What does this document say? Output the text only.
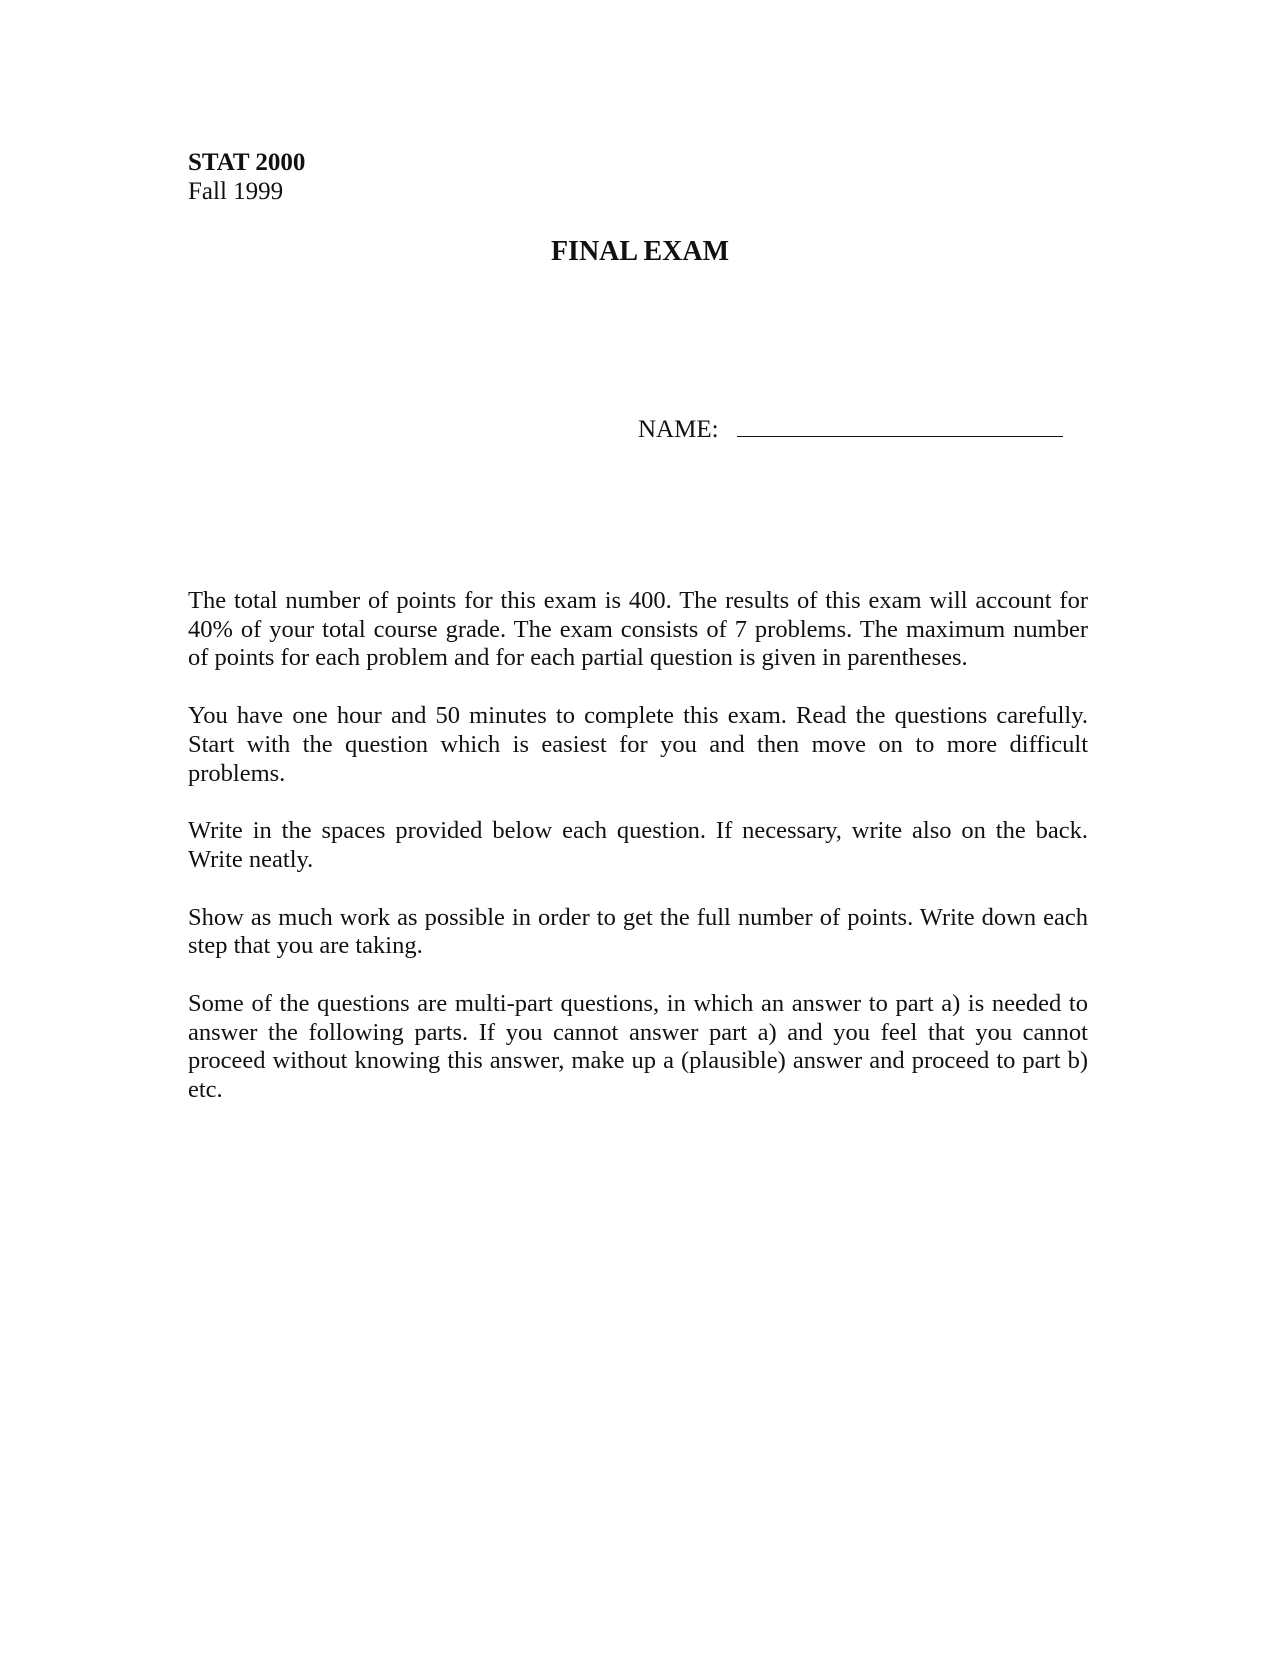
STAT 2000
Fall 1999
FINAL EXAM
NAME:

The total number of points for this exam is 400. The results of this exam will account for 40% of your total course grade. The exam consists of 7 problems. The maximum number of points for each problem and for each partial question is given in parentheses.

You have one hour and 50 minutes to complete this exam. Read the questions carefully. Start with the question which is easiest for you and then move on to more difficult problems.

Write in the spaces provided below each question. If necessary, write also on the back. Write neatly.

Show as much work as possible in order to get the full number of points. Write down each step that you are taking.

Some of the questions are multi-part questions, in which an answer to part a) is needed to answer the following parts. If you cannot answer part a) and you feel that you cannot proceed without knowing this answer, make up a (plausible) answer and proceed to part b) etc.
